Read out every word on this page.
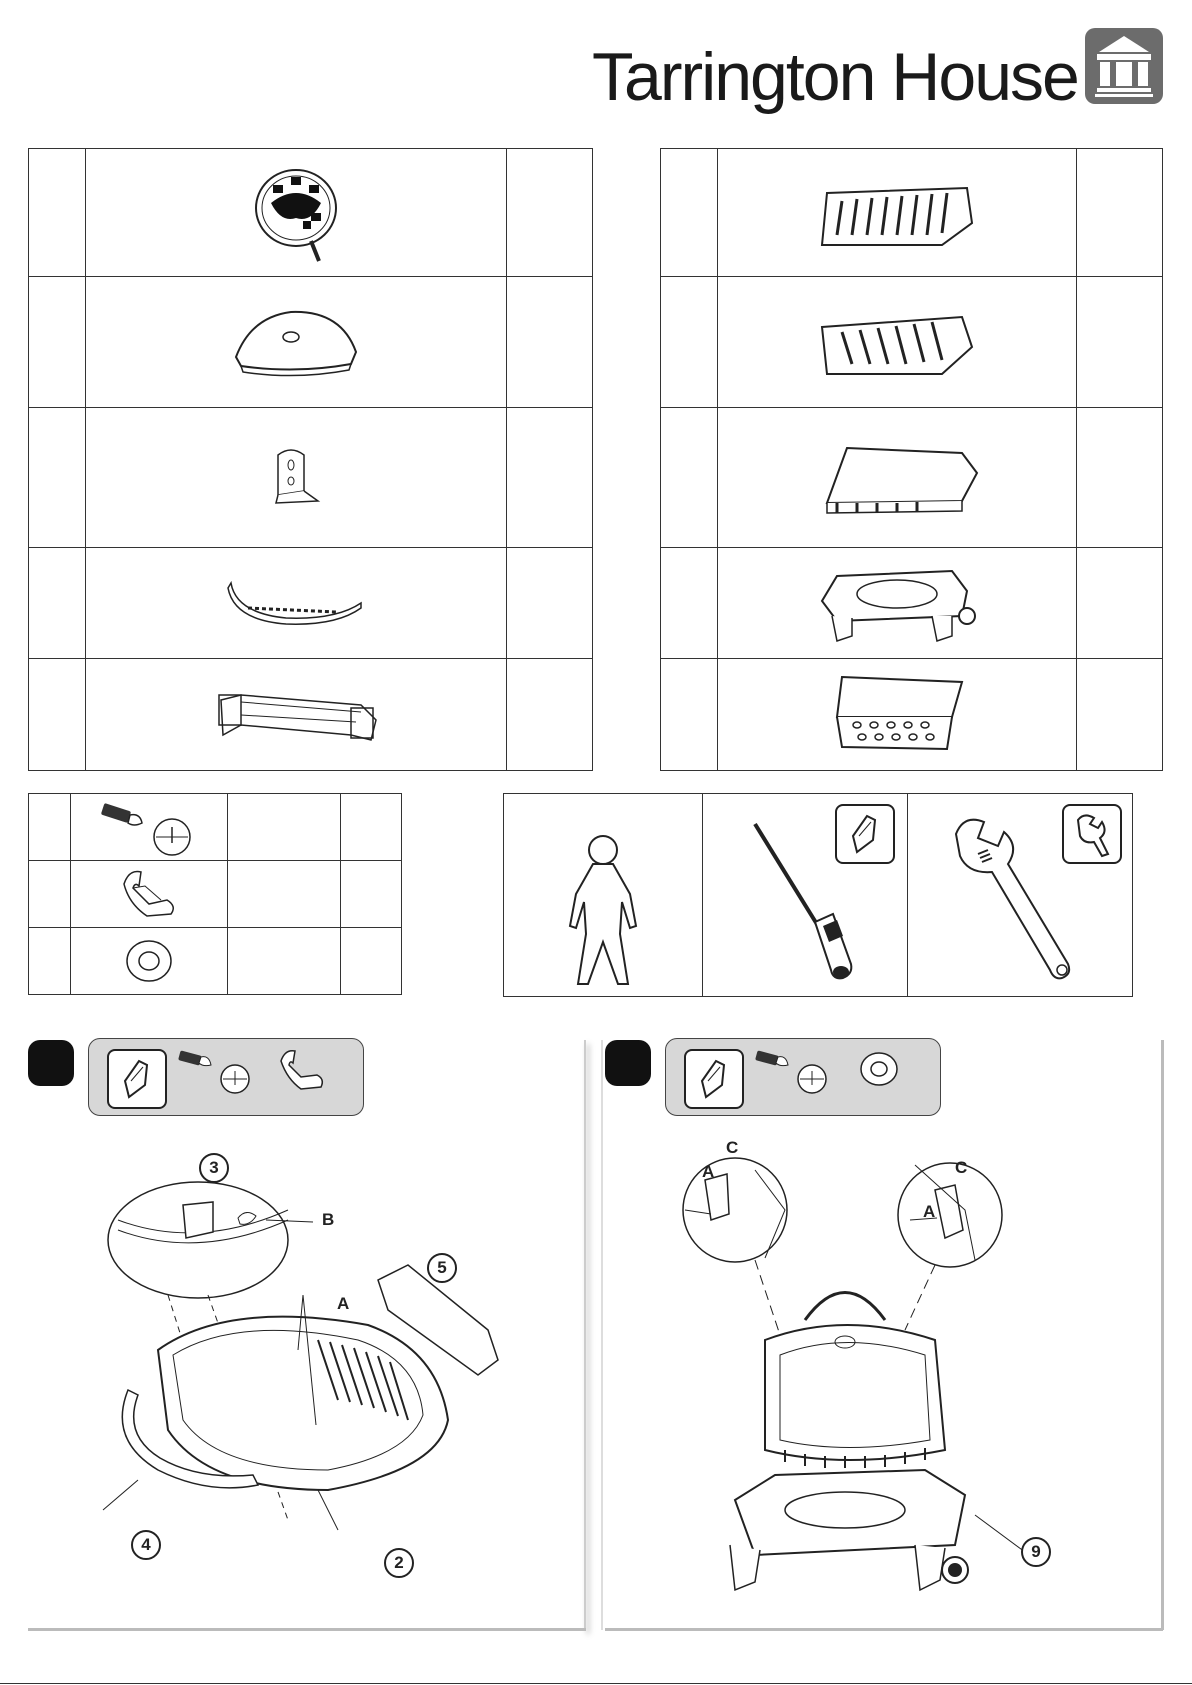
Tarrington House

3
B
5
A
4
2
C
A	C
A
9
